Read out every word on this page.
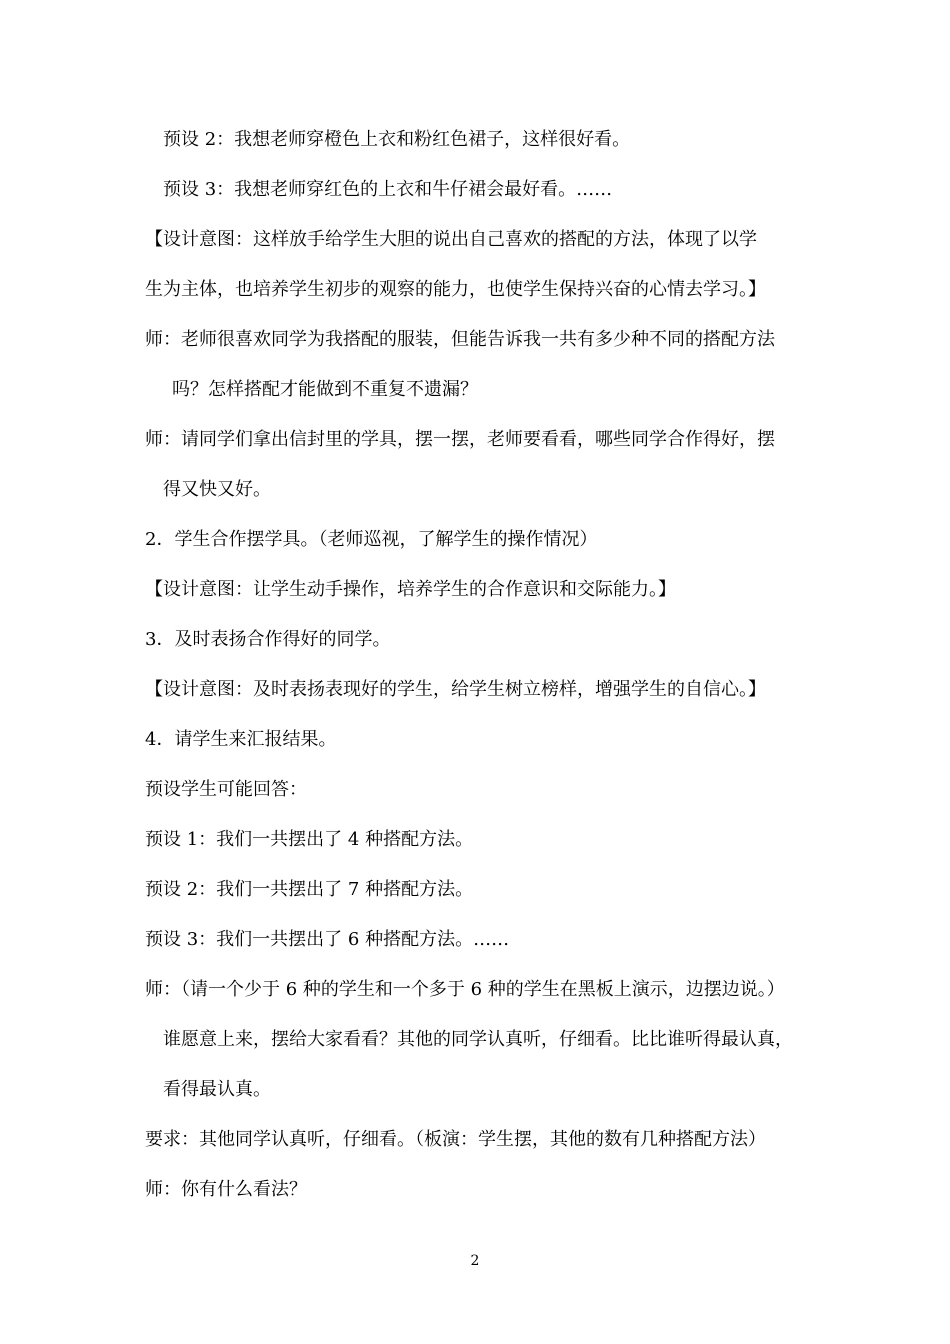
预设 2：我想老师穿橙色上衣和粉红色裙子，这样很好看。
预设 3：我想老师穿红色的上衣和牛仔裙会最好看。……
【设计意图：这样放手给学生大胆的说出自己喜欢的搭配的方法，体现了以学
生为主体，也培养学生初步的观察的能力，也使学生保持兴奋的心情去学习。】
师：老师很喜欢同学为我搭配的服装，但能告诉我一共有多少种不同的搭配方法
吗？怎样搭配才能做到不重复不遗漏？
师：请同学们拿出信封里的学具，摆一摆，老师要看看，哪些同学合作得好，摆
得又快又好。
2．学生合作摆学具。（老师巡视，了解学生的操作情况）
【设计意图：让学生动手操作，培养学生的合作意识和交际能力。】
3．及时表扬合作得好的同学。
【设计意图：及时表扬表现好的学生，给学生树立榜样，增强学生的自信心。】
4．请学生来汇报结果。
预设学生可能回答：
预设 1：我们一共摆出了 4 种搭配方法。
预设 2：我们一共摆出了 7 种搭配方法。
预设 3：我们一共摆出了 6 种搭配方法。……
师：（请一个少于 6 种的学生和一个多于 6 种的学生在黑板上演示，边摆边说。）
谁愿意上来，摆给大家看看？其他的同学认真听，仔细看。比比谁听得最认真，
看得最认真。
要求：其他同学认真听，仔细看。（板演：学生摆，其他的数有几种搭配方法）
师：你有什么看法？
2
